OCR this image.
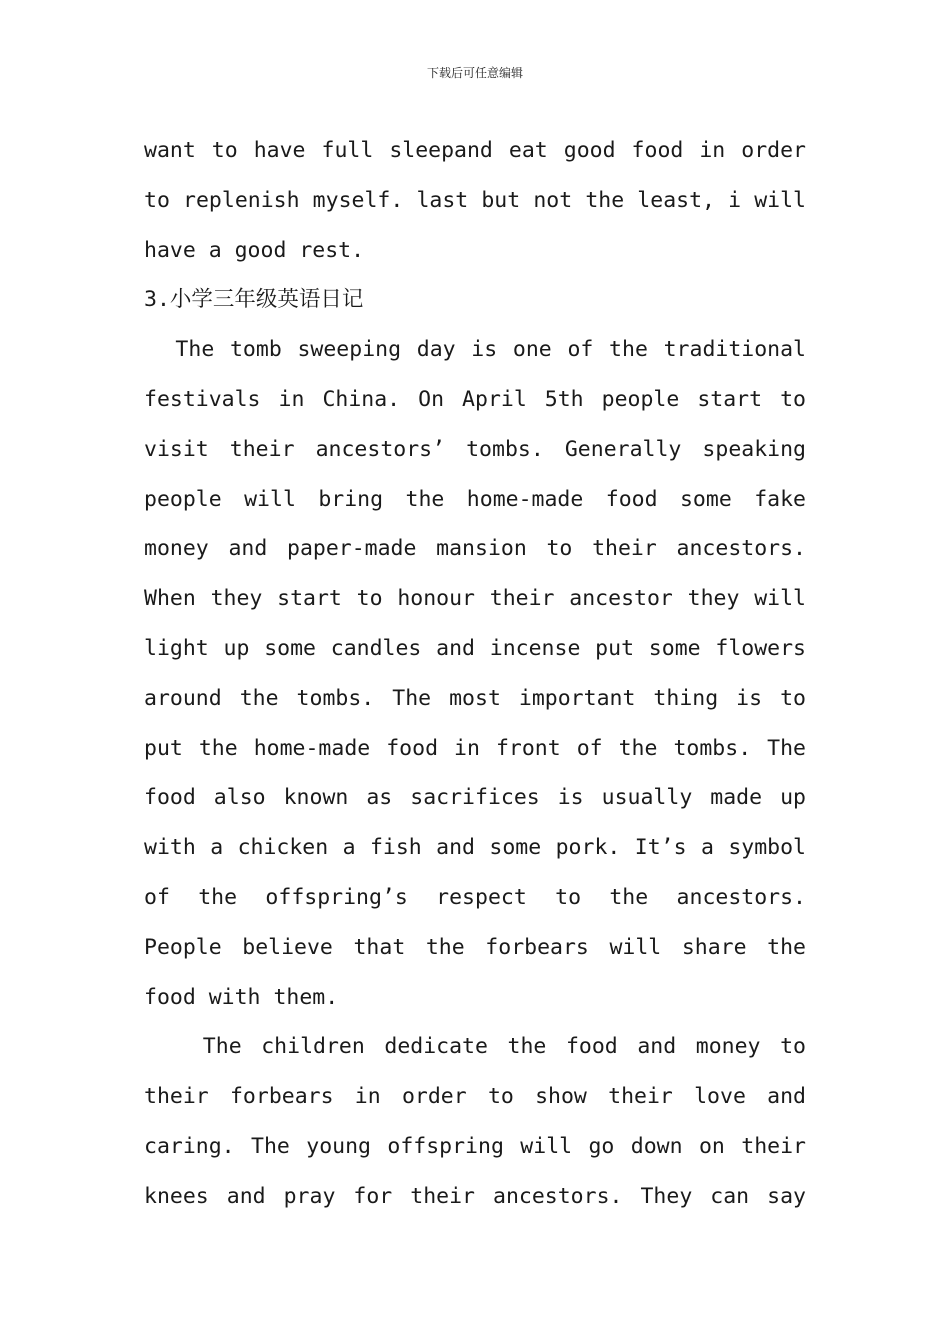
下载后可任意编辑
want to have full sleepand eat good food in order
to replenish myself. last but not the least, i will
have a good rest.
3.小学三年级英语日记
The tomb sweeping day is one of the traditional
festivals in China. On April 5th people start to
visit their ancestors’ tombs. Generally speaking
people will bring the home-made food some fake
money and paper-made mansion to their ancestors.
When they start to honour their ancestor they will
light up some candles and incense put some flowers
around the tombs. The most important thing is to
put the home-made food in front of the tombs. The
food also known as sacrifices is usually made up
with a chicken a fish and some pork. It’s a symbol
of the offspring’s respect to the ancestors.
People believe that the forbears will share the
food with them.
The children dedicate the food and money to
their forbears in order to show their love and
caring. The young offspring will go down on their
knees and pray for their ancestors. They can say
